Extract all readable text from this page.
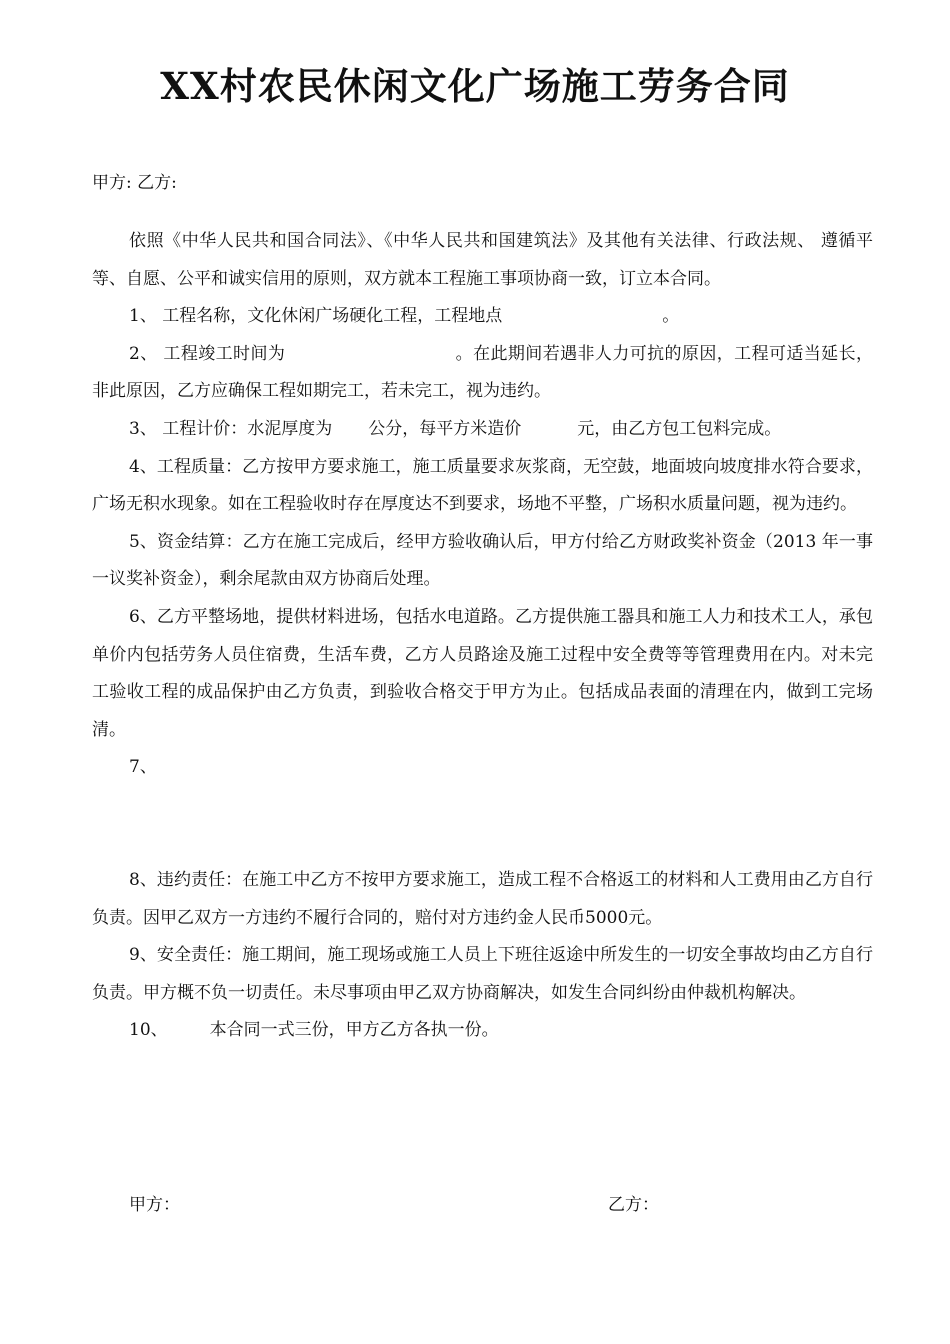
XX村农民休闲文化广场施工劳务合同
甲方: 乙方:

依照《中华人民共和国合同法》、《中华人民共和国建筑法》及其他有关法律、行政法规、 遵循平等、自愿、公平和诚实信用的原则，双方就本工程施工事项协商一致，订立本合同。

1、 工程名称，文化休闲广场硬化工程，工程地点	。

2、 工程竣工时间为	。在此期间若遇非人力可抗的原因，工程可适当延长，非此原因，乙方应确保工程如期完工，若未完工，视为违约。

3、 工程计价：水泥厚度为 公分，每平方米造价	元，由乙方包工包料完成。

4、工程质量：乙方按甲方要求施工，施工质量要求灰浆商，无空鼓，地面坡向坡度排水符合要求，广场无积水现象。如在工程验收时存在厚度达不到要求，场地不平整，广场积水质量问题，视为违约。

5、资金结算：乙方在施工完成后，经甲方验收确认后，甲方付给乙方财政奖补资金（2013 年一事一议奖补资金），剩余尾款由双方协商后处理。

6、乙方平整场地，提供材料进场，包括水电道路。乙方提供施工器具和施工人力和技术工人，承包单价内包括劳务人员住宿费，生活车费，乙方人员路途及施工过程中安全费等等管理费用在内。对未完工验收工程的成品保护由乙方负责，到验收合格交于甲方为止。包括成品表面的清理在内，做到工完场清。

7、

8、违约责任：在施工中乙方不按甲方要求施工，造成工程不合格返工的材料和人工费用由乙方自行负责。因甲乙双方一方违约不履行合同的，赔付对方违约金人民币5000元。

9、安全责任：施工期间，施工现场或施工人员上下班往返途中所发生的一切安全事故均由乙方自行负责。甲方概不负一切责任。未尽事项由甲乙双方协商解决，如发生合同纠纷由仲裁机构解决。

10、 本合同一式三份，甲方乙方各执一份。

甲方：	乙方：
